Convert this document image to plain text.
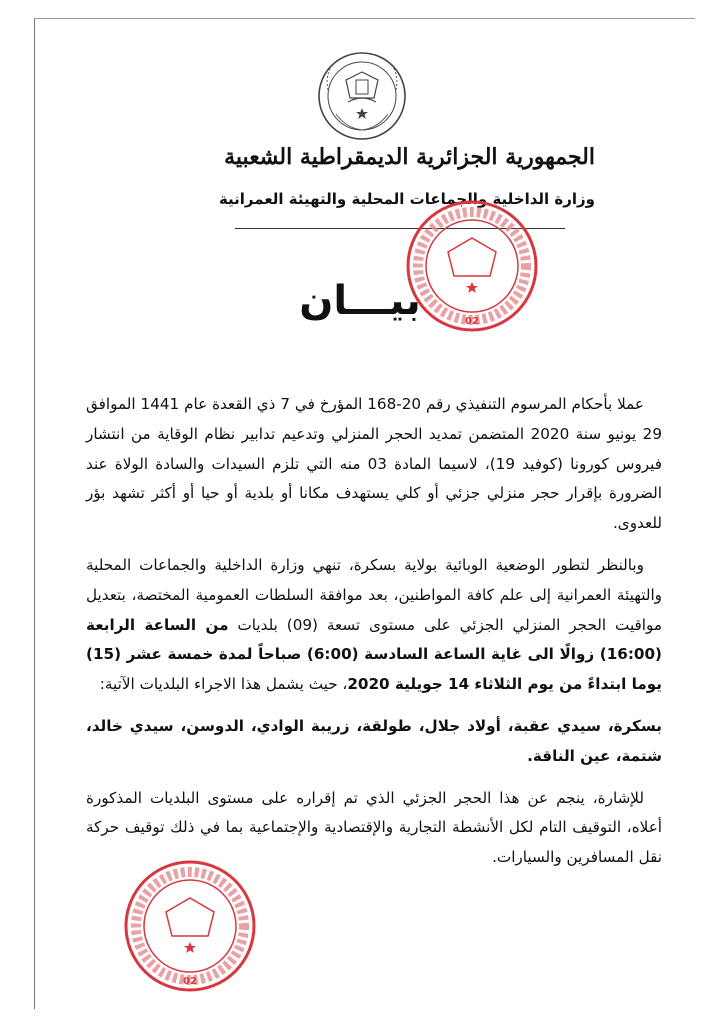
الجمهورية الجزائرية الديمقراطية الشعبية
وزارة الداخلية والجماعات المحلية والتهيئة العمرانية
02
بيـــان

عملا بأحكام المرسوم التنفيذي رقم 20-168 المؤرخ في 7 ذي القعدة عام 1441 الموافق 29 يونيو سنة 2020 المتضمن تمديد الحجر المنزلي وتدعيم تدابير نظام الوقاية من انتشار فيروس كورونا (كوفيد 19)، لاسيما المادة 03 منه التي تلزم السيدات والسادة الولاة عند الضرورة بإقرار حجر منزلي جزئي أو كلي يستهدف مكانا أو بلدية أو حيا أو أكثر تشهد بؤر للعدوى.

وبالنظر لتطور الوضعية الوبائية بولاية بسكرة، تنهي وزارة الداخلية والجماعات المحلية والتهيئة العمرانية إلى علم كافة المواطنين، بعد موافقة السلطات العمومية المختصة، بتعديل مواقيت الحجر المنزلي الجزئي على مستوى تسعة (09) بلديات من الساعة الرابعة (16:00) زوالًا الى غاية الساعة السادسة (6:00) صباحاً لمدة خمسة عشر (15) يوما ابتداءً من يوم الثلاثاء 14 جويلية 2020، حيث يشمل هذا الاجراء البلديات الآتية:

بسكرة، سيدي عقبة، أولاد جلال، طولقة، زريبة الوادي، الدوسن، سيدي خالد، شتمة، عين الناقة.

للإشارة، ينجم عن هذا الحجر الجزئي الذي تم إقراره على مستوى البلديات المذكورة أعلاه، التوقيف التام لكل الأنشطة التجارية والإقتصادية والإجتماعية بما في ذلك توقيف حركة نقل المسافرين والسيارات.

02
